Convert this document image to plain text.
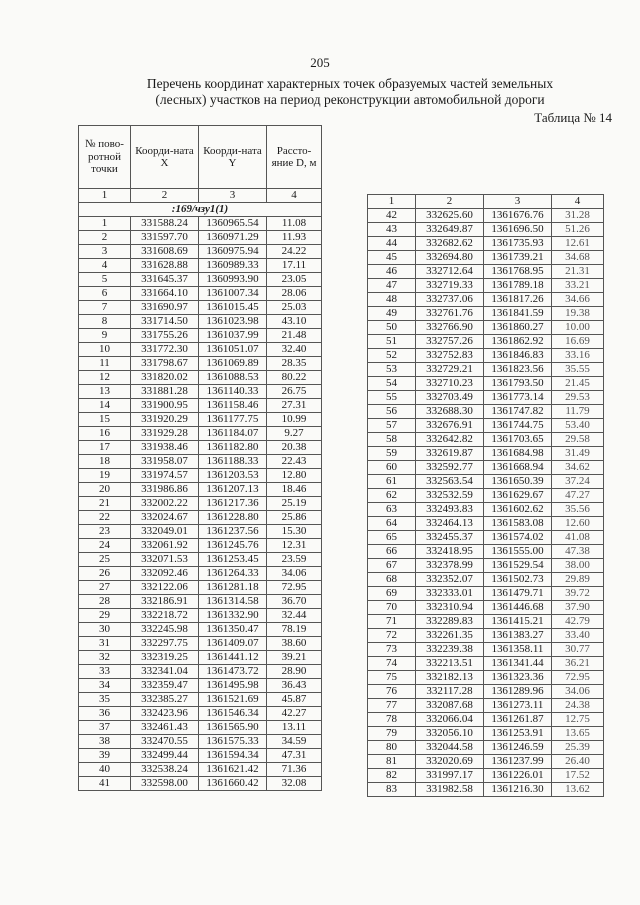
205
Перечень координат характерных точек образуемых частей земельных
(лесных) участков на период реконструкции автомобильной дороги
Таблица № 14
№ пово-ротной точки	Коорди-ната X	Коорди-ната Y	Рассто-яние D, м
1	2	3	4
:169/чзу1(1)			
1	331588.24	1360965.54	11.08
2	331597.70	1360971.29	11.93
3	331608.69	1360975.94	24.22
4	331628.88	1360989.33	17.11
5	331645.37	1360993.90	23.05
6	331664.10	1361007.34	28.06
7	331690.97	1361015.45	25.03
8	331714.50	1361023.98	43.10
9	331755.26	1361037.99	21.48
10	331772.30	1361051.07	32.40
11	331798.67	1361069.89	28.35
12	331820.02	1361088.53	80.22
13	331881.28	1361140.33	26.75
14	331900.95	1361158.46	27.31
15	331920.29	1361177.75	10.99
16	331929.28	1361184.07	9.27
17	331938.46	1361182.80	20.38
18	331958.07	1361188.33	22.43
19	331974.57	1361203.53	12.80
20	331986.86	1361207.13	18.46
21	332002.22	1361217.36	25.19
22	332024.67	1361228.80	25.86
23	332049.01	1361237.56	15.30
24	332061.92	1361245.76	12.31
25	332071.53	1361253.45	23.59
26	332092.46	1361264.33	34.06
27	332122.06	1361281.18	72.95
28	332186.91	1361314.58	36.70
29	332218.72	1361332.90	32.44
30	332245.98	1361350.47	78.19
31	332297.75	1361409.07	38.60
32	332319.25	1361441.12	39.21
33	332341.04	1361473.72	28.90
34	332359.47	1361495.98	36.43
35	332385.27	1361521.69	45.87
36	332423.96	1361546.34	42.27
37	332461.43	1361565.90	13.11
38	332470.55	1361575.33	34.59
39	332499.44	1361594.34	47.31
40	332538.24	1361621.42	71.36
41	332598.00	1361660.42	32.08
1	2	3	4
42	332625.60	1361676.76	31.28
43	332649.87	1361696.50	51.26
44	332682.62	1361735.93	12.61
45	332694.80	1361739.21	34.68
46	332712.64	1361768.95	21.31
47	332719.33	1361789.18	33.21
48	332737.06	1361817.26	34.66
49	332761.76	1361841.59	19.38
50	332766.90	1361860.27	10.00
51	332757.26	1361862.92	16.69
52	332752.83	1361846.83	33.16
53	332729.21	1361823.56	35.55
54	332710.23	1361793.50	21.45
55	332703.49	1361773.14	29.53
56	332688.30	1361747.82	11.79
57	332676.91	1361744.75	53.40
58	332642.82	1361703.65	29.58
59	332619.87	1361684.98	31.49
60	332592.77	1361668.94	34.62
61	332563.54	1361650.39	37.24
62	332532.59	1361629.67	47.27
63	332493.83	1361602.62	35.56
64	332464.13	1361583.08	12.60
65	332455.37	1361574.02	41.08
66	332418.95	1361555.00	47.38
67	332378.99	1361529.54	38.00
68	332352.07	1361502.73	29.89
69	332333.01	1361479.71	39.72
70	332310.94	1361446.68	37.90
71	332289.83	1361415.21	42.79
72	332261.35	1361383.27	33.40
73	332239.38	1361358.11	30.77
74	332213.51	1361341.44	36.21
75	332182.13	1361323.36	72.95
76	332117.28	1361289.96	34.06
77	332087.68	1361273.11	24.38
78	332066.04	1361261.87	12.75
79	332056.10	1361253.91	13.65
80	332044.58	1361246.59	25.39
81	332020.69	1361237.99	26.40
82	331997.17	1361226.01	17.52
83	331982.58	1361216.30	13.62
